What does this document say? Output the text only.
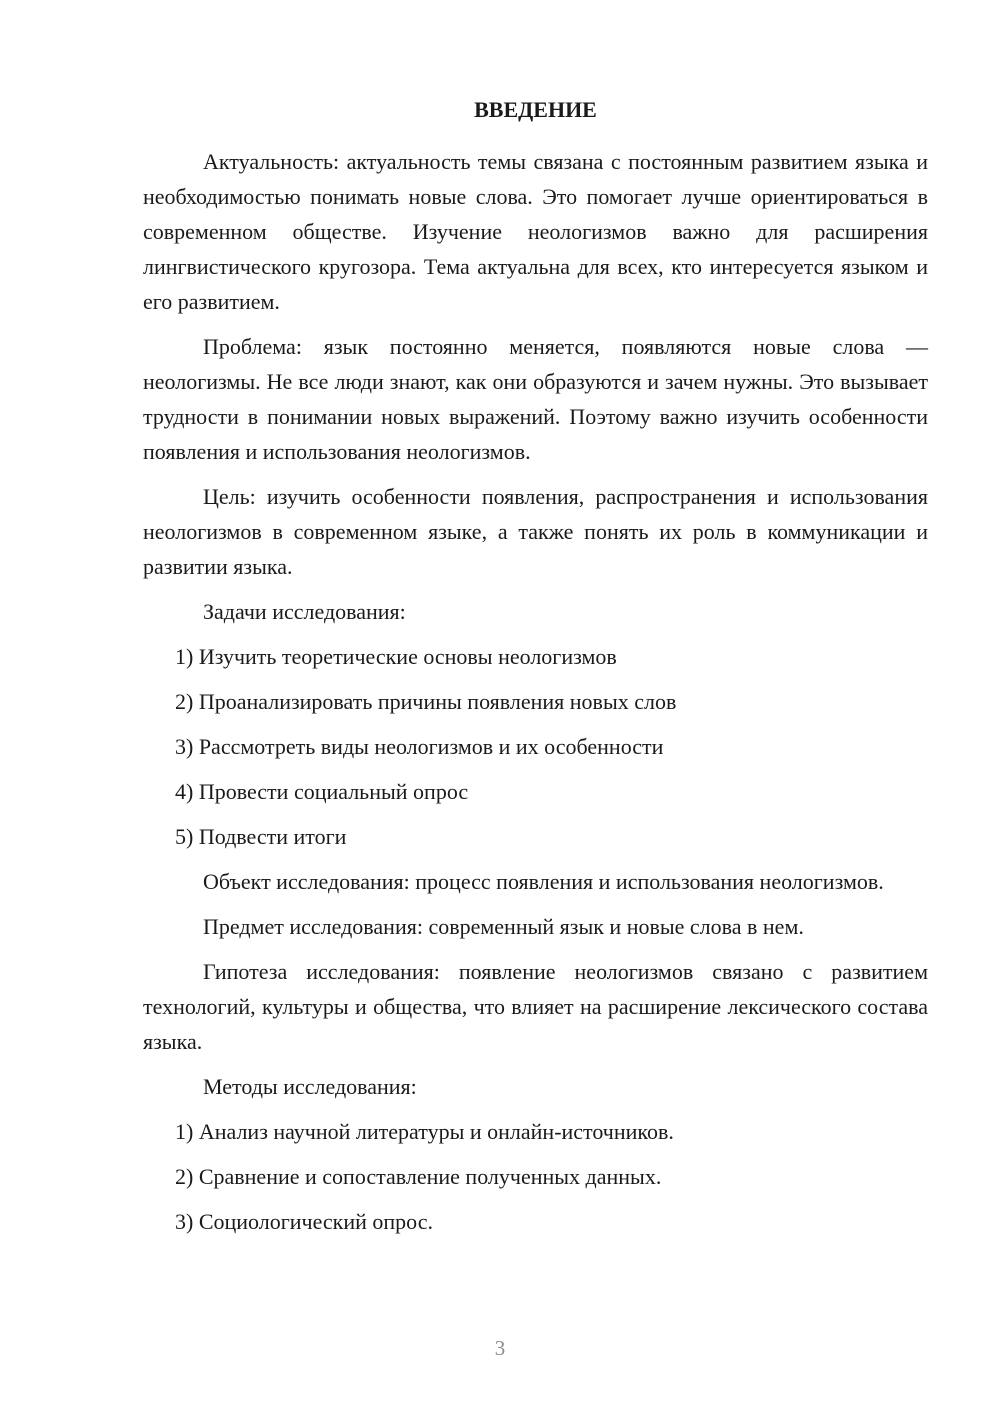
ВВЕДЕНИЕ

Актуальность: актуальность темы связана с постоянным развитием языка и необходимостью понимать новые слова. Это помогает лучше ориентироваться в современном обществе. Изучение неологизмов важно для расширения лингвистического кругозора. Тема актуальна для всех, кто интересуется языком и его развитием.

Проблема: язык постоянно меняется, появляются новые слова — неологизмы. Не все люди знают, как они образуются и зачем нужны. Это вызывает трудности в понимании новых выражений. Поэтому важно изучить особенности появления и использования неологизмов.

Цель: изучить особенности появления, распространения и использования неологизмов в современном языке, а также понять их роль в коммуникации и развитии языка.

Задачи исследования:

1) Изучить теоретические основы неологизмов
2) Проанализировать причины появления новых слов
3) Рассмотреть виды неологизмов и их особенности
4) Провести социальный опрос
5) Подвести итоги

Объект исследования: процесс появления и использования неологизмов.

Предмет исследования: современный язык и новые слова в нем.

Гипотеза исследования: появление неологизмов связано с развитием технологий, культуры и общества, что влияет на расширение лексического состава языка.

Методы исследования:

1) Анализ научной литературы и онлайн-источников.
2) Сравнение и сопоставление полученных данных.
3) Социологический опрос.
3
